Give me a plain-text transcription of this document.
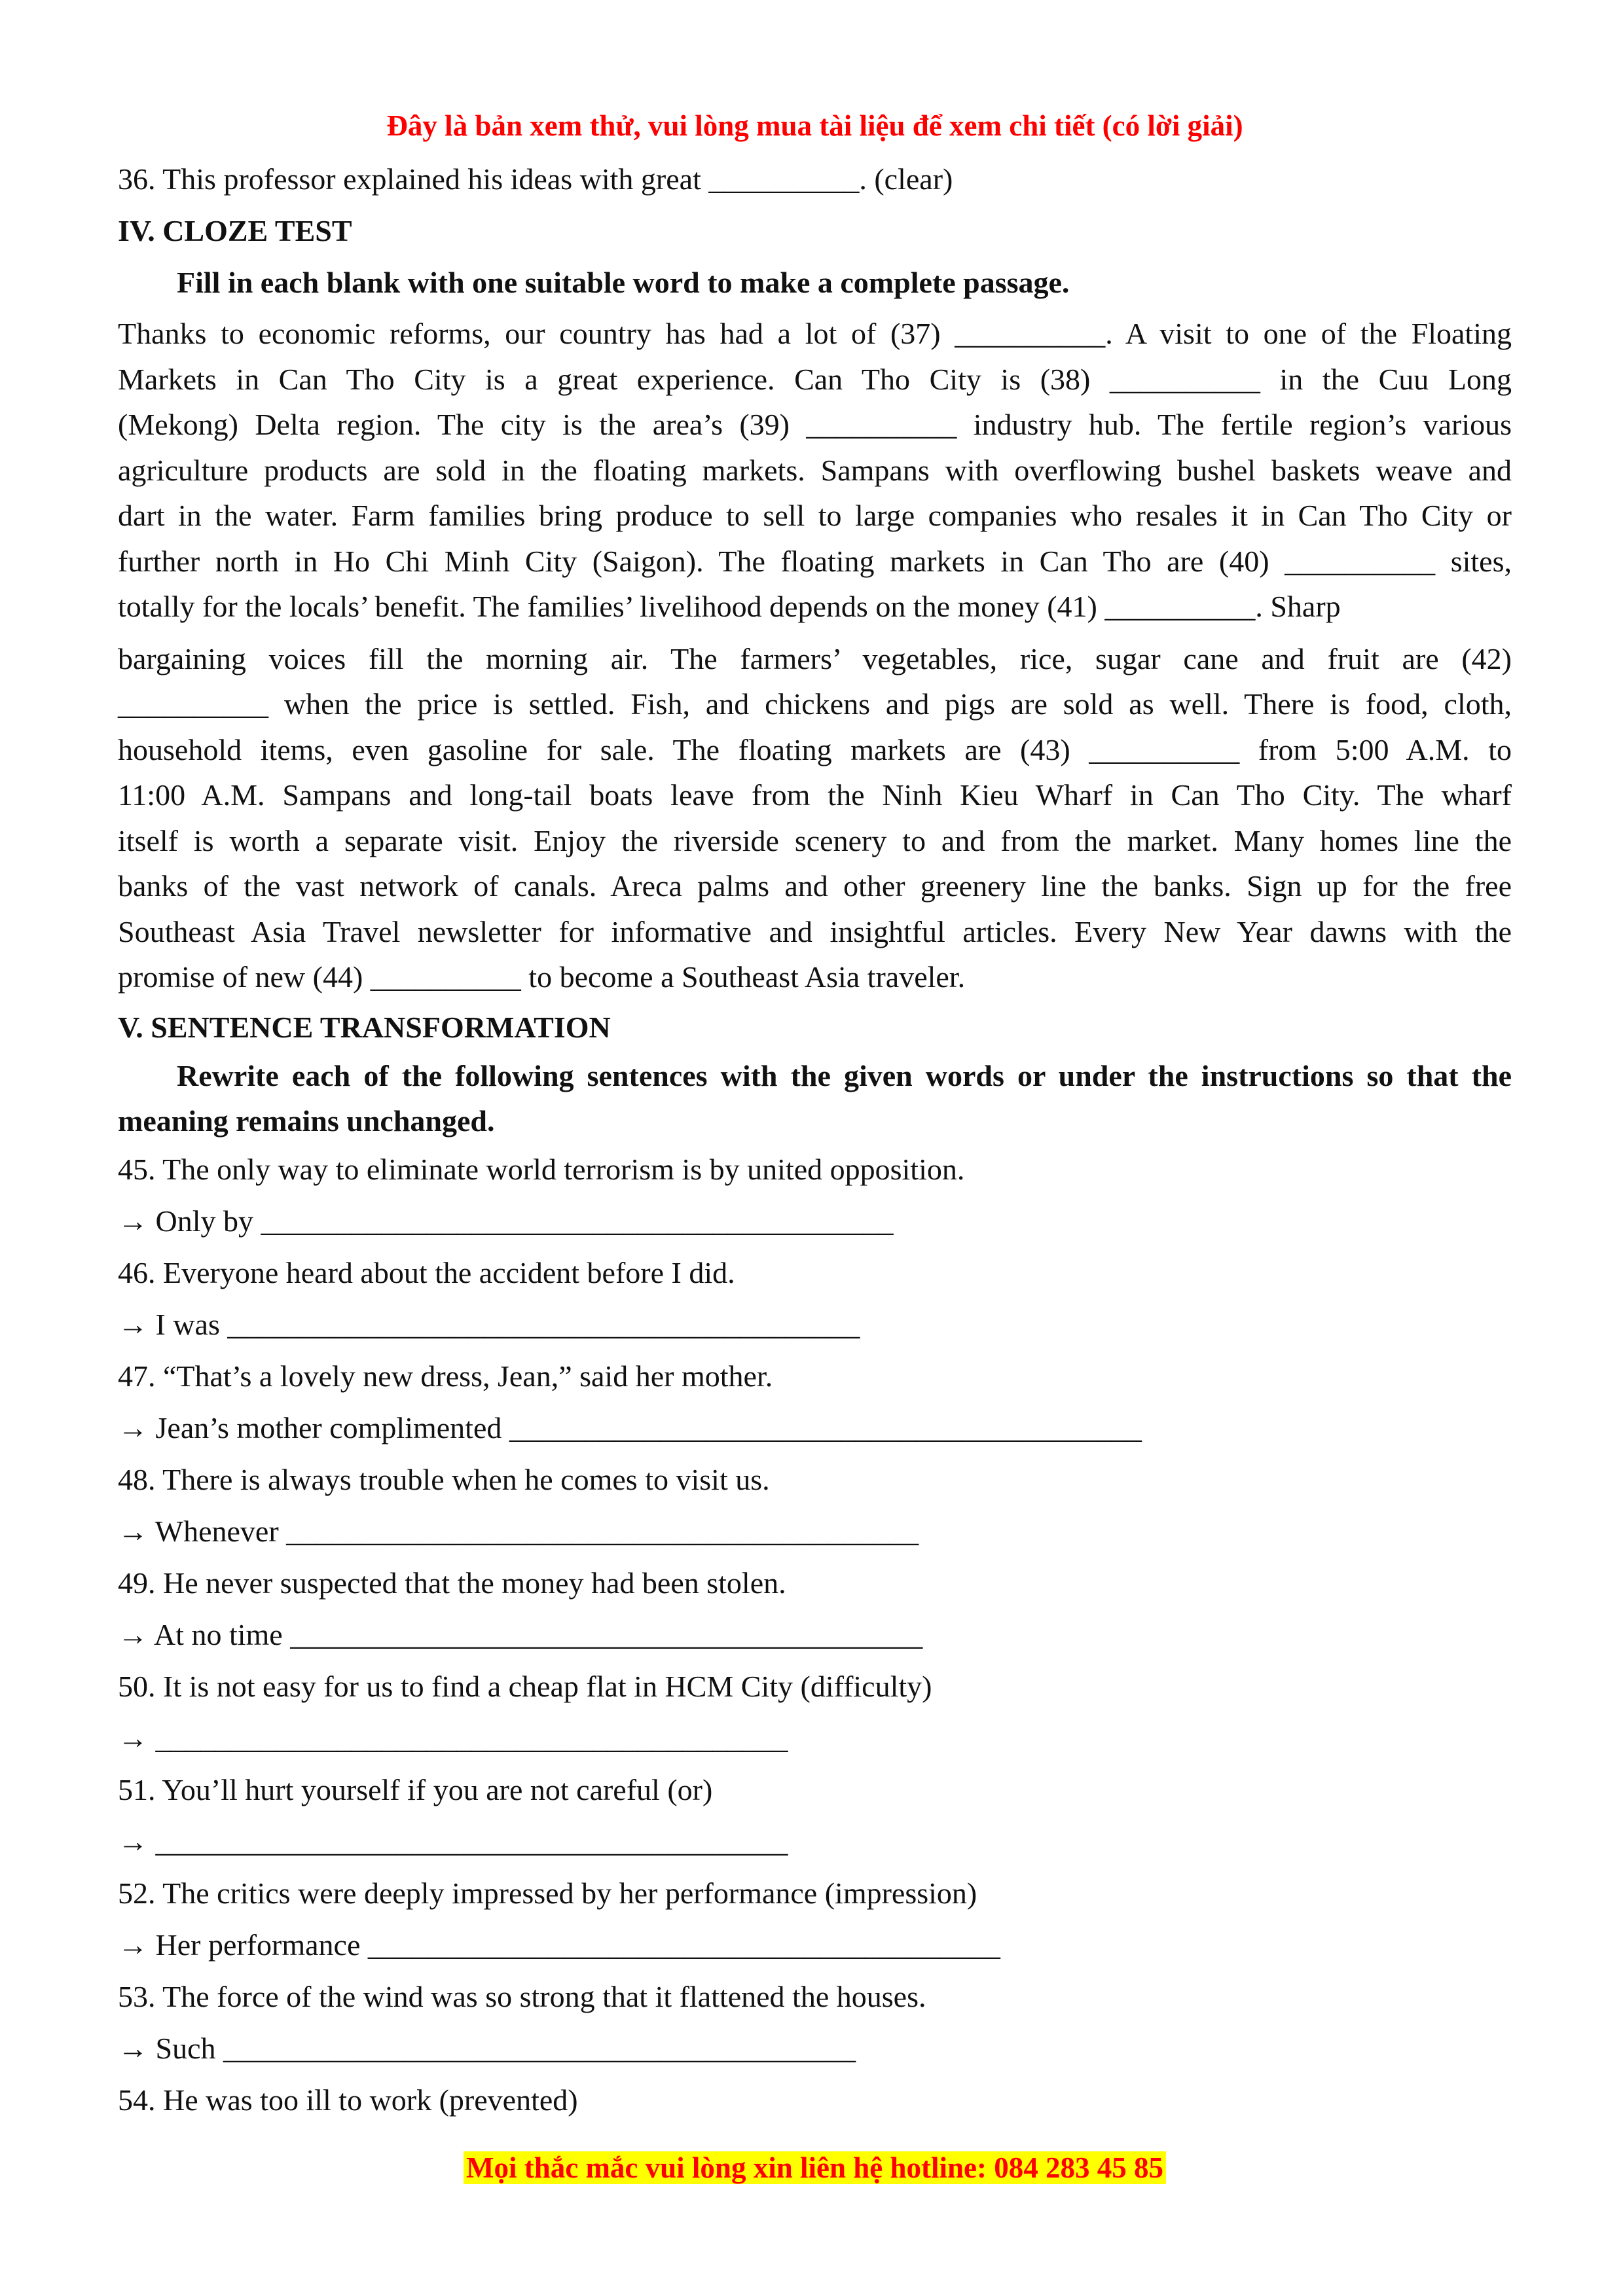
Đây là bản xem thử, vui lòng mua tài liệu để xem chi tiết (có lời giải)

36. This professor explained his ideas with great __________. (clear)

IV. CLOZE TEST

Fill in each blank with one suitable word to make a complete passage.

Thanks to economic reforms, our country has had a lot of (37) __________. A visit to one of the Floating
Markets in Can Tho City is a great experience. Can Tho City is (38) __________ in the Cuu Long
(Mekong) Delta region. The city is the area’s (39) __________ industry hub. The fertile region’s various
agriculture products are sold in the floating markets. Sampans with overflowing bushel baskets weave and
dart in the water. Farm families bring produce to sell to large companies who resales it in Can Tho City or
further north in Ho Chi Minh City (Saigon). The floating markets in Can Tho are (40) __________ sites,
totally for the locals’ benefit. The families’ livelihood depends on the money (41) __________. Sharp
bargaining voices fill the morning air. The farmers’ vegetables, rice, sugar cane and fruit are (42)
__________ when the price is settled. Fish, and chickens and pigs are sold as well. There is food, cloth,
household items, even gasoline for sale. The floating markets are (43) __________ from 5:00 A.M. to
11:00 A.M. Sampans and long-tail boats leave from the Ninh Kieu Wharf in Can Tho City. The wharf
itself is worth a separate visit. Enjoy the riverside scenery to and from the market. Many homes line the
banks of the vast network of canals. Areca palms and other greenery line the banks. Sign up for the free
Southeast Asia Travel newsletter for informative and insightful articles. Every New Year dawns with the
promise of new (44) __________ to become a Southeast Asia traveler.

V. SENTENCE TRANSFORMATION

Rewrite each of the following sentences with the given words or under the instructions so that the meaning remains unchanged.

45. The only way to eliminate world terrorism is by united opposition.

→ Only by __________________________________________

46. Everyone heard about the accident before I did.

→ I was __________________________________________

47. “That’s a lovely new dress, Jean,” said her mother.

→ Jean’s mother complimented __________________________________________

48. There is always trouble when he comes to visit us.

→ Whenever __________________________________________

49. He never suspected that the money had been stolen.

→ At no time __________________________________________

50. It is not easy for us to find a cheap flat in HCM City (difficulty)

→ __________________________________________

51. You’ll hurt yourself if you are not careful (or)

→ __________________________________________

52. The critics were deeply impressed by her performance (impression)

→ Her performance __________________________________________

53. The force of the wind was so strong that it flattened the houses.

→ Such __________________________________________

54. He was too ill to work (prevented)

Mọi thắc mắc vui lòng xin liên hệ hotline: 084 283 45 85
